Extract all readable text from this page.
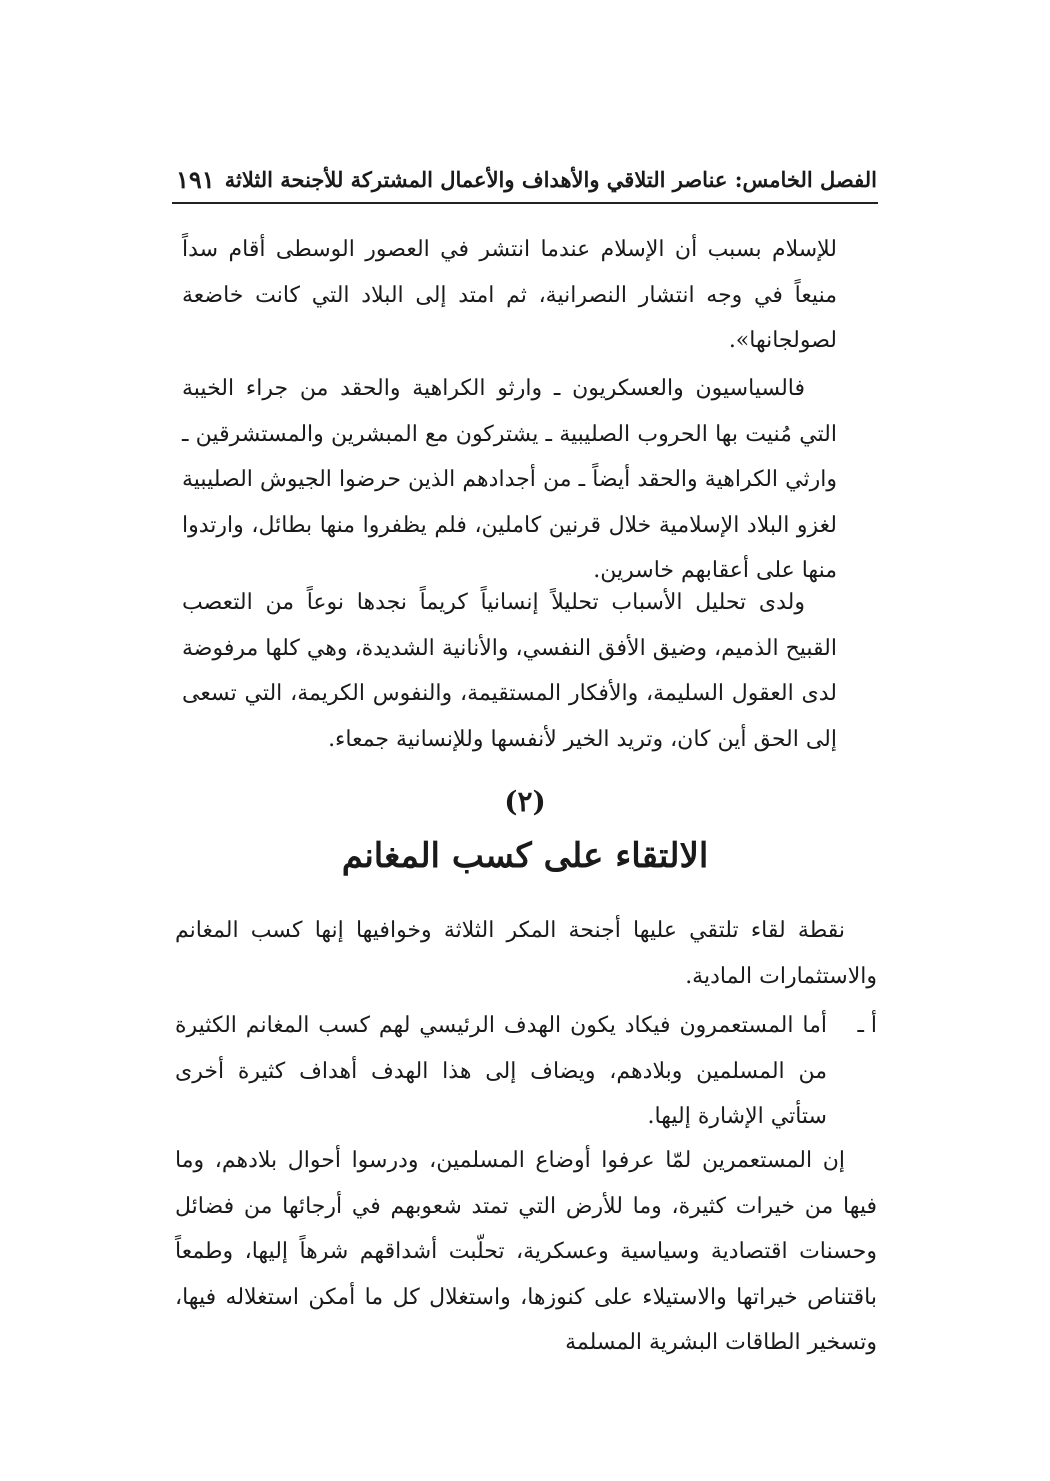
الفصل الخامس: عناصر التلاقي والأهداف والأعمال المشتركة للأجنحة الثلاثة
١٩١

للإسلام بسبب أن الإسلام عندما انتشر في العصور الوسطى أقام سداً منيعاً في وجه انتشار النصرانية، ثم امتد إلى البلاد التي كانت خاضعة لصولجانها».

فالسياسيون والعسكريون ـ وارثو الكراهية والحقد من جراء الخيبة التي مُنيت بها الحروب الصليبية ـ يشتركون مع المبشرين والمستشرقين ـ وارثي الكراهية والحقد أيضاً ـ من أجدادهم الذين حرضوا الجيوش الصليبية لغزو البلاد الإسلامية خلال قرنين كاملين، فلم يظفروا منها بطائل، وارتدوا منها على أعقابهم خاسرين.

ولدى تحليل الأسباب تحليلاً إنسانياً كريماً نجدها نوعاً من التعصب القبيح الذميم، وضيق الأفق النفسي، والأنانية الشديدة، وهي كلها مرفوضة لدى العقول السليمة، والأفكار المستقيمة، والنفوس الكريمة، التي تسعى إلى الحق أين كان، وتريد الخير لأنفسها وللإنسانية جمعاء.

(٢)
الالتقاء على كسب المغانم

نقطة لقاء تلتقي عليها أجنحة المكر الثلاثة وخوافيها إنها كسب المغانم والاستثمارات المادية.

أ ـ
أما المستعمرون فيكاد يكون الهدف الرئيسي لهم كسب المغانم الكثيرة من المسلمين وبلادهم، ويضاف إلى هذا الهدف أهداف كثيرة أخرى ستأتي الإشارة إليها.

إن المستعمرين لمّا عرفوا أوضاع المسلمين، ودرسوا أحوال بلادهم، وما فيها من خيرات كثيرة، وما للأرض التي تمتد شعوبهم في أرجائها من فضائل وحسنات اقتصادية وسياسية وعسكرية، تحلّبت أشداقهم شرهاً إليها، وطمعاً باقتناص خيراتها والاستيلاء على كنوزها، واستغلال كل ما أمكن استغلاله فيها، وتسخير الطاقات البشرية المسلمة
